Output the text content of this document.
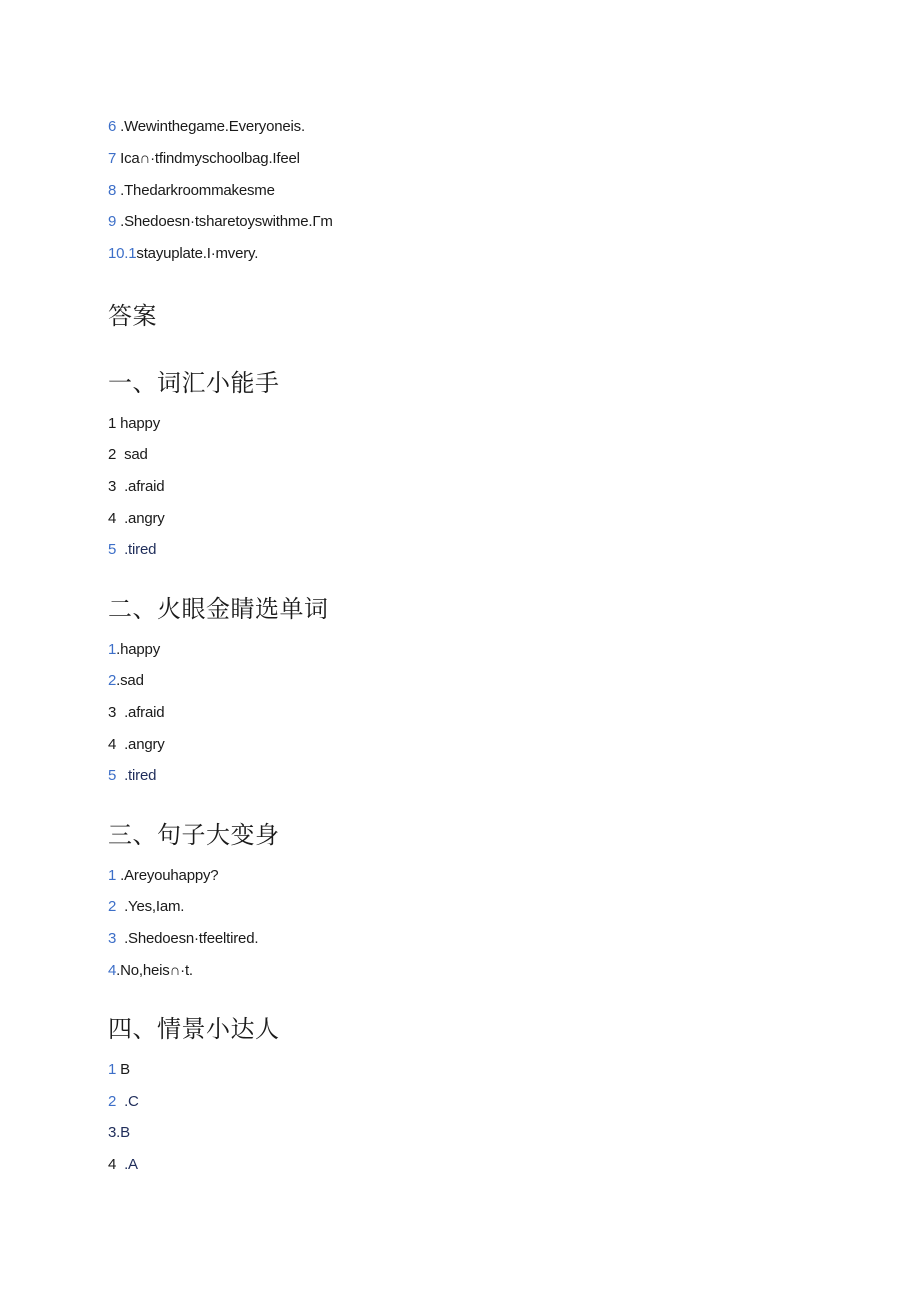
6 .Wewinthegame.Everyoneis.
7 Ica∩·tfindmyschoolbag.Ifeel
8 .Thedarkroommakesme
9 .Shedoesn·tsharetoyswithme.Γm
10.1stayuplate.I·mvery.
答案
一、词汇小能手
1 happy
2  sad
3  .afraid
4  .angry
5  .tired
二、火眼金睛选单词
1.happy
2.sad
3  .afraid
4  .angry
5  .tired
三、句子大变身
1 .Areyouhappy?
2  .Yes,Iam.
3  .Shedoesn·tfeeltired.
4.No,heis∩·t.
四、情景小达人
1 B
2  .C
3.B
4  .A
